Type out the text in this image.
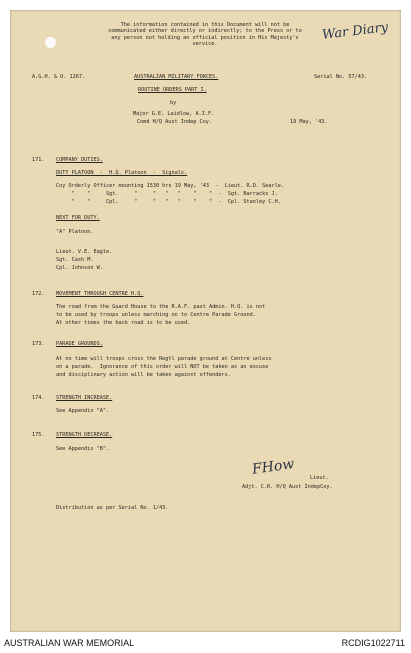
The information contained in this Document will not be communicated either directly or indirectly; to the Press or to any person not holding an official position in His Majesty's service.
War Diary
A.G.H. & O. 1267.	AUSTRALIAN MILITARY FORCES.	Serial No. 57/43.
ROUTINE ORDERS PART I.
by
Major G.E. Laidlow, A.I.F.
Comd H/Q Aust Indep Coy.	19 May, '43.
171. COMPANY DUTIES.
DUTY PLATOON  -  H.Q. Platoon  -  Signals.
Coy Orderly Officer mounting 1530 hrs 19 May, '43  -  Lieut. R.D. Searle.
"    "     Sgt.     "     "   "   "    "    "  -  Sgt. Barracks J.
"    "     Cpl.     "     "   "   "    "    "  -  Cpl. Stanley C.H.
NEXT FOR DUTY.
"A" Platoon.
Lieut. V.E. Eagle.
Sgt. Cash M.
Cpl. Johnson W.
172. MOVEMENT THROUGH CENTRE H.Q.
The road from the Guard House to the R.A.F. past Admin. H.Q. is not
to be used by troops unless marching on to Centre Parade Ground.
At other times the back road is to be used.
173. PARADE GROUNDS.
At no time will troops cross the Regtl parade ground at Centre unless
on a parade.  Ignorance of this order will NOT be taken as an excuse
and disciplinary action will be taken against offenders.
174. STRENGTH INCREASE.
See Appendix "A".
175. STRENGTH DECREASE.
See Appendix "B".
FHow
Lieut.
Adjt. C.R. H/Q Aust IndepCoy.
Distribution as per Serial No. 1/43.
AUSTRALIAN WAR MEMORIAL	RCDIG1022711
